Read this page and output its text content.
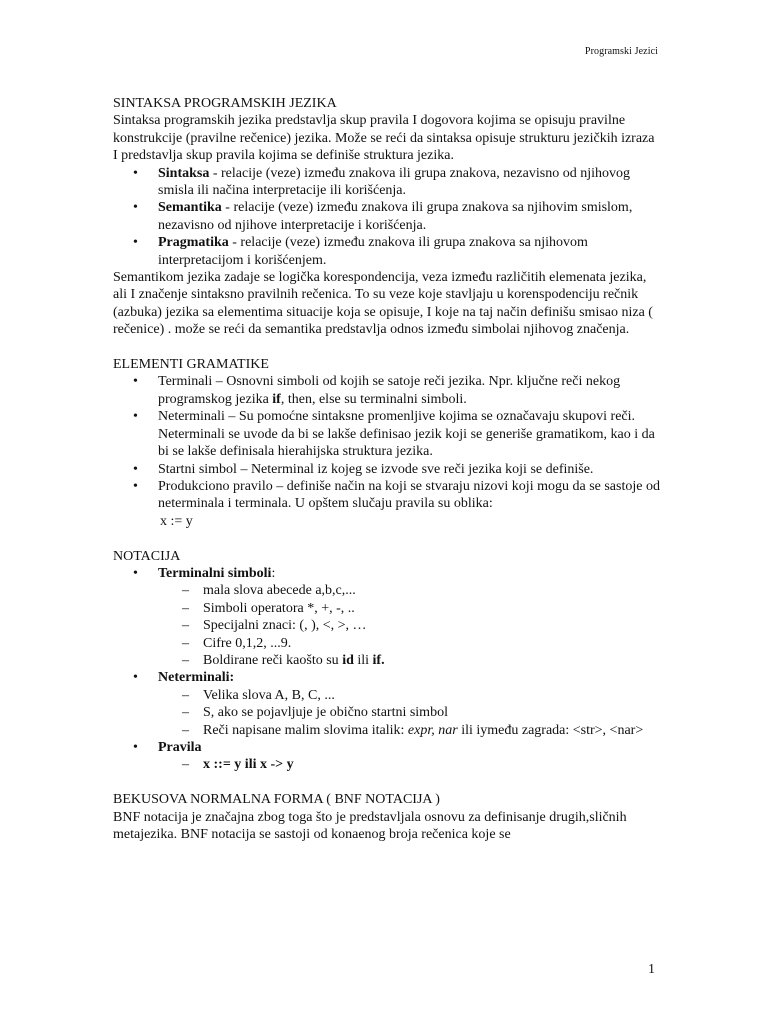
Programski Jezici

SINTAKSA PROGRAMSKIH JEZIKA

Sintaksa programskih jezika predstavlja skup pravila I dogovora kojima se opisuju pravilne konstrukcije (pravilne rečenice) jezika. Može se reći da sintaksa opisuje strukturu jezičkih izraza I predstavlja skup pravila kojima se definiše struktura jezika.

• Sintaksa - relacije (veze) između znakova ili grupa znakova, nezavisno od njihovog smisla ili načina interpretacije ili korišćenja.
• Semantika - relacije (veze) između znakova ili grupa znakova sa njihovim smislom, nezavisno od njihove interpretacije i korišćenja.
• Pragmatika - relacije (veze) između znakova ili grupa znakova sa njihovom interpretacijom i korišćenjem.

Semantikom jezika zadaje se logička korespondencija, veza između različitih elemenata jezika, ali I značenje sintaksno pravilnih rečenica. To su veze koje stavljaju u korenspodenciju rečnik (azbuka) jezika sa elementima situacije koja se opisuje, I koje na taj način definišu smisao niza ( rečenice) . može se reći da semantika predstavlja odnos između simbolai njihovog značenja.

ELEMENTI GRAMATIKE

• Terminali – Osnovni simboli od kojih se satoje reči jezika. Npr. ključne reči nekog programskog jezika if, then, else su terminalni simboli.
• Neterminali – Su pomoćne sintaksne promenljive kojima se označavaju skupovi reči. Neterminali se uvode da bi se lakše definisao jezik koji se generiše gramatikom, kao i da bi se lakše definisala hierahijska struktura jezika.
• Startni simbol – Neterminal iz kojeg se izvode sve reči jezika koji se definiše.
• Produkciono pravilo – definiše način na koji se stvaraju nizovi koji mogu da se sastoje od neterminala i terminala. U opštem slučaju pravila su oblika:
x := y

NOTACIJA

• Terminalni simboli:
– mala slova abecede a,b,c,...
– Simboli operatora *, +, -, ..
– Specijalni znaci: (, ), <, >, …
– Cifre 0,1,2, ...9.
– Boldirane reči kaošto su id ili if.
• Neterminali:
– Velika slova A, B, C, ...
– S, ako se pojavljuje je obično startni simbol
– Reči napisane malim slovima italik: expr, nar ili iymeđu zagrada: <str>, <nar>
• Pravila
– x ::= y ili x -> y

BEKUSOVA NORMALNA FORMA ( BNF NOTACIJA )

BNF notacija je značajna zbog toga što je predstavljala osnovu za definisanje drugih,sličnih metajezika. BNF notacija se sastoji od konaenog broja rečenica koje se

1
